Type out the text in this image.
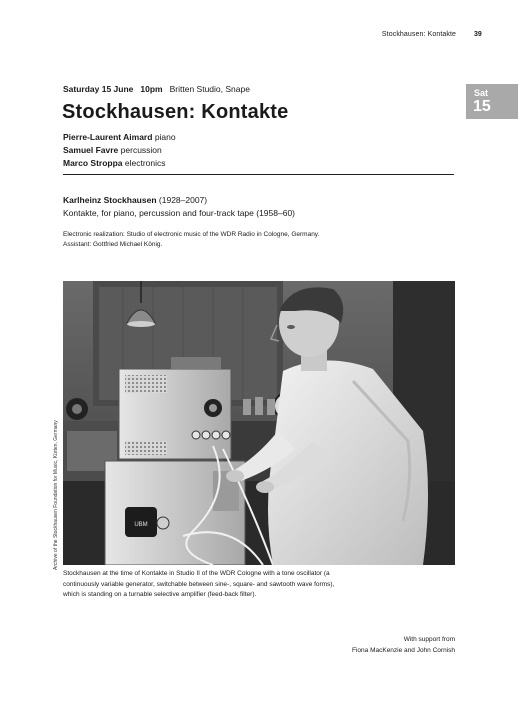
Stockhausen: Kontakte	39
Sat
15
Saturday 15 June 10pm Britten Studio, Snape
Stockhausen: Kontakte
Pierre-Laurent Aimard piano
Samuel Favre percussion
Marco Stroppa electronics
Karlheinz Stockhausen (1928–2007)
Kontakte, for piano, percussion and four-track tape (1958–60)
Electronic realization: Studio of electronic music of the WDR Radio in Cologne, Germany.
Assistant: Gottfried Michael König.
UBM
Archive of the Stockhausen Foundation for Music, Kürten, Germany
Stockhausen at the time of Kontakte in Studio II of the WDR Cologne with a tone oscillator (a
continuously variable generator, switchable between sine-, square- and sawtooth wave forms),
which is standing on a turnable selective amplifier (feed-back filter).
With support from
Fiona MacKenzie and John Cornish
